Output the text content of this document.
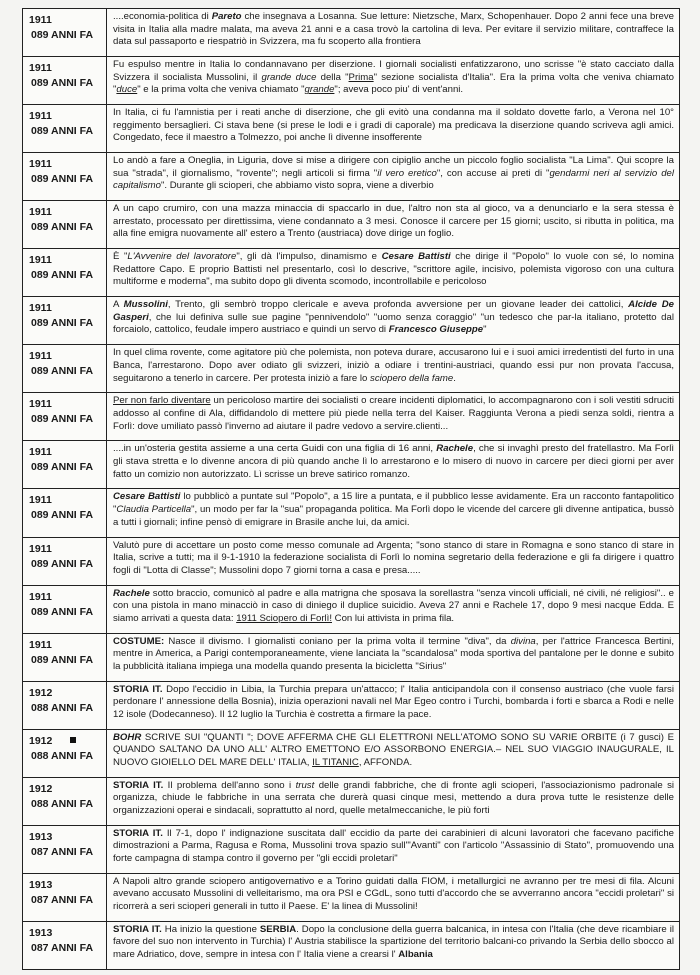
1911
089 ANNI FA
....economia-politica di Pareto che insegnava a Losanna. Sue letture: Nietzsche, Marx, Schopenhauer. Dopo 2 anni fece una breve visita in Italia alla madre malata, ma aveva 21 anni e a casa trovò la cartolina di leva. Per evitare il servizio militare, contraffece la data sul passaporto e riespatriò in Svizzera, ma fu scoperto alla frontiera
1911
089 ANNI FA
Fu espulso mentre in Italia lo condannavano per diserzione. I giornali socialisti enfatizzarono, uno scrisse "è stato cacciato dalla Svizzera il socialista Mussolini, il grande duce della "Prima" sezione socialista d'Italia". Era la prima volta che veniva chiamato "duce" e la prima volta che veniva chiamato "grande"; aveva poco piu' di vent'anni.
1911
089 ANNI FA
In Italia, ci fu l'amnistia per i reati anche di diserzione, che gli evitò una condanna ma il soldato dovette farlo, a Verona nel 10° reggimento bersaglieri. Ci stava bene (si prese le lodi e i gradi di caporale) ma predicava la diserzione quando scriveva agli amici. Congedato, fece il maestro a Tolmezzo, poi anche lì divenne insofferente
1911
089 ANNI FA
Lo andò a fare a Oneglia, in Liguria, dove si mise a dirigere con cipiglio anche un piccolo foglio socialista "La Lima". Qui scopre la sua "strada", il giornalismo, "rovente"; negli articoli si firma "il vero eretico", con accuse ai preti di "gendarmi neri al servizio del capitalismo". Durante gli scioperi, che abbiamo visto sopra, viene a diverbio
1911
089 ANNI FA
A un capo crumiro, con una mazza minaccia di spaccarlo in due, l'altro non sta al gioco, va a denunciarlo e la sera stessa è arrestato, processato per direttissima, viene condannato a 3 mesi. Conosce il carcere per 15 giorni; uscito, si ributta in politica, ma alla fine emigra nuovamente all' estero a Trento (austriaca) dove dirige un foglio.
1911
089 ANNI FA
È "L'Avvenire del lavoratore", gli dà l'impulso, dinamismo e Cesare Battisti che dirige il "Popolo" lo vuole con sé, lo nomina Redattore Capo. E proprio Battisti nel presentarlo, così lo descrive, "scrittore agile, incisivo, polemista vigoroso con una cultura multiforme e moderna", ma subito dopo gli diventa scomodo, incontrollabile e pericoloso
1911
089 ANNI FA
A Mussolini, Trento, gli sembrò troppo clericale e aveva profonda avversione per un giovane leader dei cattolici, Alcide De Gasperi, che lui definiva sulle sue pagine "pennivendolo" "uomo senza coraggio" "un tedesco che par-la italiano, protetto dal forcaiolo, cattolico, feudale impero austriaco e quindi un servo di Francesco Giuseppe"
1911
089 ANNI FA
In quel clima rovente, come agitatore più che polemista, non poteva durare, accusarono lui e i suoi amici irredentisti del furto in una Banca, l'arrestarono. Dopo aver odiato gli svizzeri, iniziò a odiare i trentini-austriaci, quando essi pur non provata l'accusa, seguitarono a tenerlo in carcere. Per protesta iniziò a fare lo sciopero della fame.
1911
089 ANNI FA
Per non farlo diventare un pericoloso martire dei socialisti o creare incidenti diplomatici, lo accompagnarono con i soli vestiti sdruciti addosso al confine di Ala, diffidandolo di mettere più piede nella terra del Kaiser. Raggiunta Verona a piedi senza soldi, rientra a Forlì: dove umiliato passò l'inverno ad aiutare il padre vedovo a servire.clienti...
1911
089 ANNI FA
....in un'osteria gestita assieme a una certa Guidi con una figlia di 16 anni, Rachele, che si invaghì presto del fratellastro. Ma Forlì gli stava stretta e lo divenne ancora di più quando anche lì lo arrestarono e lo misero di nuovo in carcere per dieci giorni per aver fatto un comizio non autorizzato. Lì scrisse un breve satirico romanzo.
1911
089 ANNI FA
Cesare Battisti lo pubblicò a puntate sul "Popolo", a 15 lire a puntata, e il pubblico lesse avidamente. Era un racconto fantapolitico "Claudia Particella", un modo per far la "sua" propaganda politica. Ma Forlì dopo le vicende del carcere gli divenne antipatica, bussò a tutti i giornali; infine pensò di emigrare in Brasile anche lui, da amici.
1911
089 ANNI FA
Valutò pure di accettare un posto come messo comunale ad Argenta; "sono stanco di stare in Romagna e sono stanco di stare in Italia, scrive a tutti; ma il 9-1-1910 la federazione socialista di Forlì lo nomina segretario della federazione e gli fa dirigere i quattro fogli di "Lotta di Classe"; Mussolini dopo 7 giorni torna a casa e presa.....
1911
089 ANNI FA
Rachele sotto braccio, comunicò al padre e alla matrigna che sposava la sorellastra "senza vincoli ufficiali, né civili, né religiosi".. e con una pistola in mano minacciò in caso di diniego il duplice suicidio. Aveva 27 anni e Rachele 17, dopo 9 mesi nacque Edda. E siamo arrivati a questa data: 1911 Sciopero di Forlì! Con lui attivista in prima fila.
1911
089 ANNI FA
COSTUME: Nasce il divismo. I giornalisti coniano per la prima volta il termine "diva", da divina, per l'attrice Francesca Bertini, mentre in America, a Parigi contemporaneamente, viene lanciata la "scandalosa" moda sportiva del pantalone per le donne e subito la pubblicità italiana impiega una modella quando presenta la bicicletta "Sirius"
1912
088 ANNI FA
STORIA IT. Dopo l'eccidio in Libia, la Turchia prepara un'attacco; l' Italia anticipandola con il consenso austriaco (che vuole farsi perdonare l' annessione della Bosnia), inizia operazioni navali nel Mar Egeo contro i Turchi, bombarda i forti e sbarca a Rodi e nelle 12 isole (Dodecanneso). Il 12 luglio la Turchia è costretta a firmare la pace.
1912
088 ANNI FA
BOHR SCRIVE SUI "QUANTI "; DOVE AFFERMA CHE GLI ELETTRONI NELL'ATOMO SONO SU VARIE ORBITE (i 7 gusci) E QUANDO SALTANO DA UNO ALL' ALTRO EMETTONO E/O ASSORBONO ENERGIA.– NEL SUO VIAGGIO INAUGURALE, IL NUOVO GIOIELLO DEL MARE DELL' ITALIA, IL TITANIC, AFFONDA.
1912
088 ANNI FA
STORIA IT. Il problema dell'anno sono i trust delle grandi fabbriche, che di fronte agli scioperi, l'associazionismo padronale si organizza, chiude le fabbriche in una serrata che durerà quasi cinque mesi, mettendo a dura prova tutte le resistenze delle organizzazioni operai e sindacali, soprattutto al nord, quelle metalmeccaniche, le più forti
1913
087 ANNI FA
STORIA IT. Il 7-1, dopo l' indignazione suscitata dall' eccidio da parte dei carabinieri di alcuni lavoratori che facevano pacifiche dimostrazioni a Parma, Ragusa e Roma, Mussolini trova spazio sull'"Avanti" con l'articolo "Assassinio di Stato", promuovendo una forte campagna di stampa contro il governo per "gli eccidi proletari"
1913
087 ANNI FA
A Napoli altro grande sciopero antigovernativo e a Torino guidati dalla FIOM, i metallurgici ne avranno per tre mesi di fila. Alcuni avevano accusato Mussolini di velleitarismo, ma ora PSI e CGdL, sono tutti d'accordo che se avverranno ancora "eccidi proletari" si ricorrerà a seri scioperi generali in tutto il Paese. E' la linea di Mussolini!
1913
087 ANNI FA
STORIA IT. Ha inizio la questione SERBIA. Dopo la conclusione della guerra balcanica, in intesa con l'Italia (che deve ricambiare il favore del suo non intervento in Turchia) l' Austria stabilisce la spartizione del territorio balcani-co privando la Serbia dello sbocco al mare Adriatico, dove, sempre in intesa con l' Italia viene a crearsi l' Albania
